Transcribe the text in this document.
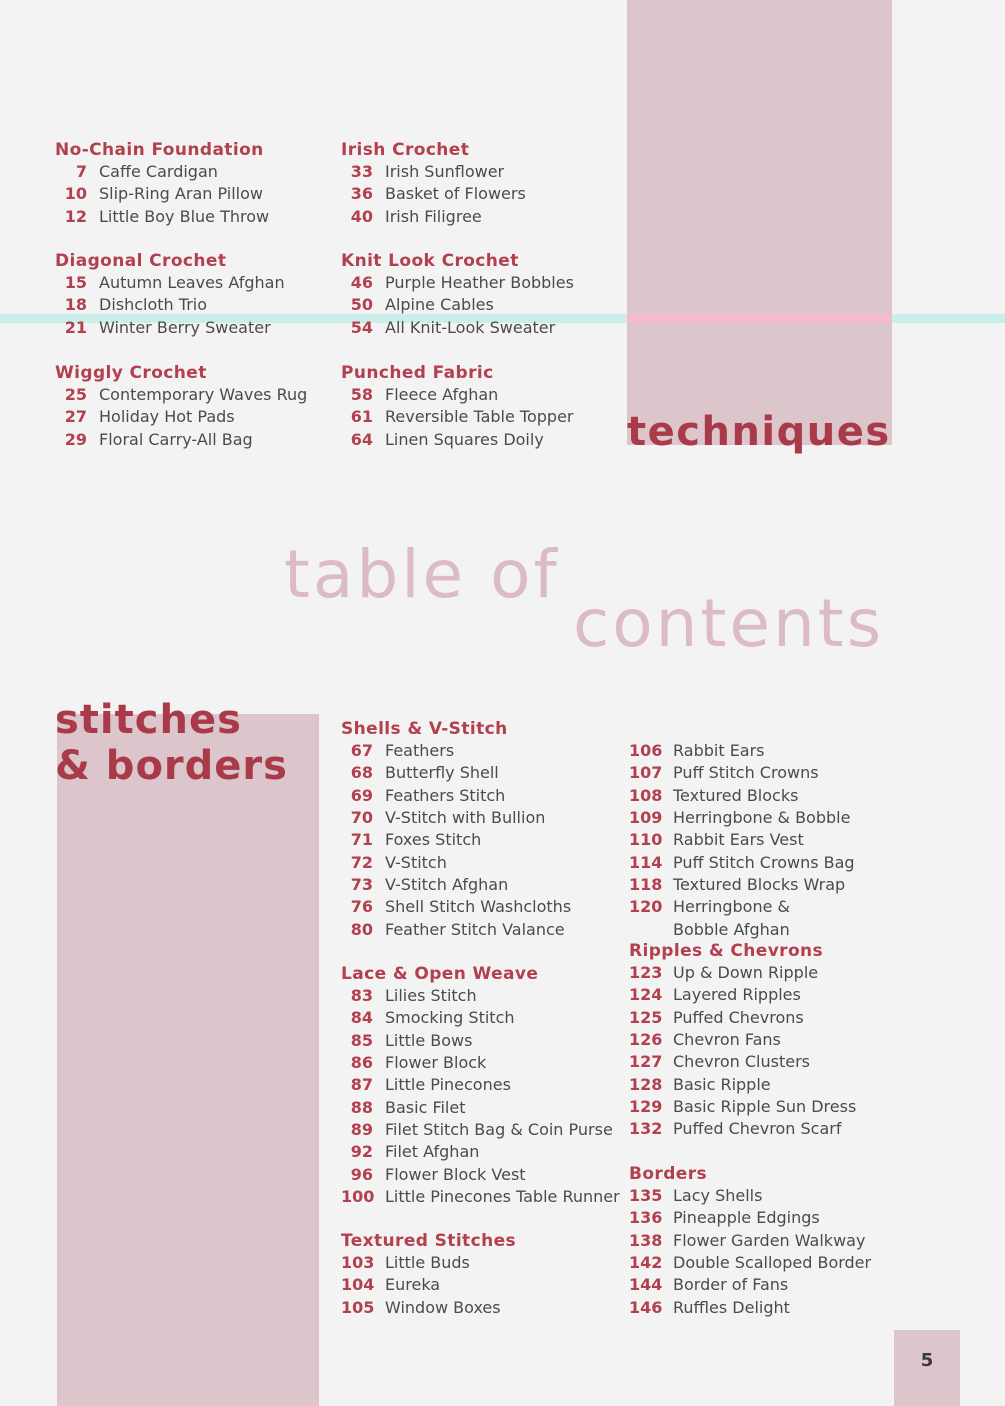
techniques
stitches
& borders
table of
contents
No-Chain Foundation
7 Caffe Cardigan
10 Slip-Ring Aran Pillow
12 Little Boy Blue Throw
Diagonal Crochet
15 Autumn Leaves Afghan
18 Dishcloth Trio
21 Winter Berry Sweater
Wiggly Crochet
25 Contemporary Waves Rug
27 Holiday Hot Pads
29 Floral Carry-All Bag
Irish Crochet
33 Irish Sunflower
36 Basket of Flowers
40 Irish Filigree
Knit Look Crochet
46 Purple Heather Bobbles
50 Alpine Cables
54 All Knit-Look Sweater
Punched Fabric
58 Fleece Afghan
61 Reversible Table Topper
64 Linen Squares Doily
Shells & V-Stitch
67 Feathers
68 Butterfly Shell
69 Feathers Stitch
70 V-Stitch with Bullion
71 Foxes Stitch
72 V-Stitch
73 V-Stitch Afghan
76 Shell Stitch Washcloths
80 Feather Stitch Valance
Lace & Open Weave
83 Lilies Stitch
84 Smocking Stitch
85 Little Bows
86 Flower Block
87 Little Pinecones
88 Basic Filet
89 Filet Stitch Bag & Coin Purse
92 Filet Afghan
96 Flower Block Vest
100 Little Pinecones Table Runner
Textured Stitches
103 Little Buds
104 Eureka
105 Window Boxes
106 Rabbit Ears
107 Puff Stitch Crowns
108 Textured Blocks
109 Herringbone & Bobble
110 Rabbit Ears Vest
114 Puff Stitch Crowns Bag
118 Textured Blocks Wrap
120 Herringbone &
Bobble Afghan
Ripples & Chevrons
123 Up & Down Ripple
124 Layered Ripples
125 Puffed Chevrons
126 Chevron Fans
127 Chevron Clusters
128 Basic Ripple
129 Basic Ripple Sun Dress
132 Puffed Chevron Scarf
Borders
135 Lacy Shells
136 Pineapple Edgings
138 Flower Garden Walkway
142 Double Scalloped Border
144 Border of Fans
146 Ruffles Delight
5
